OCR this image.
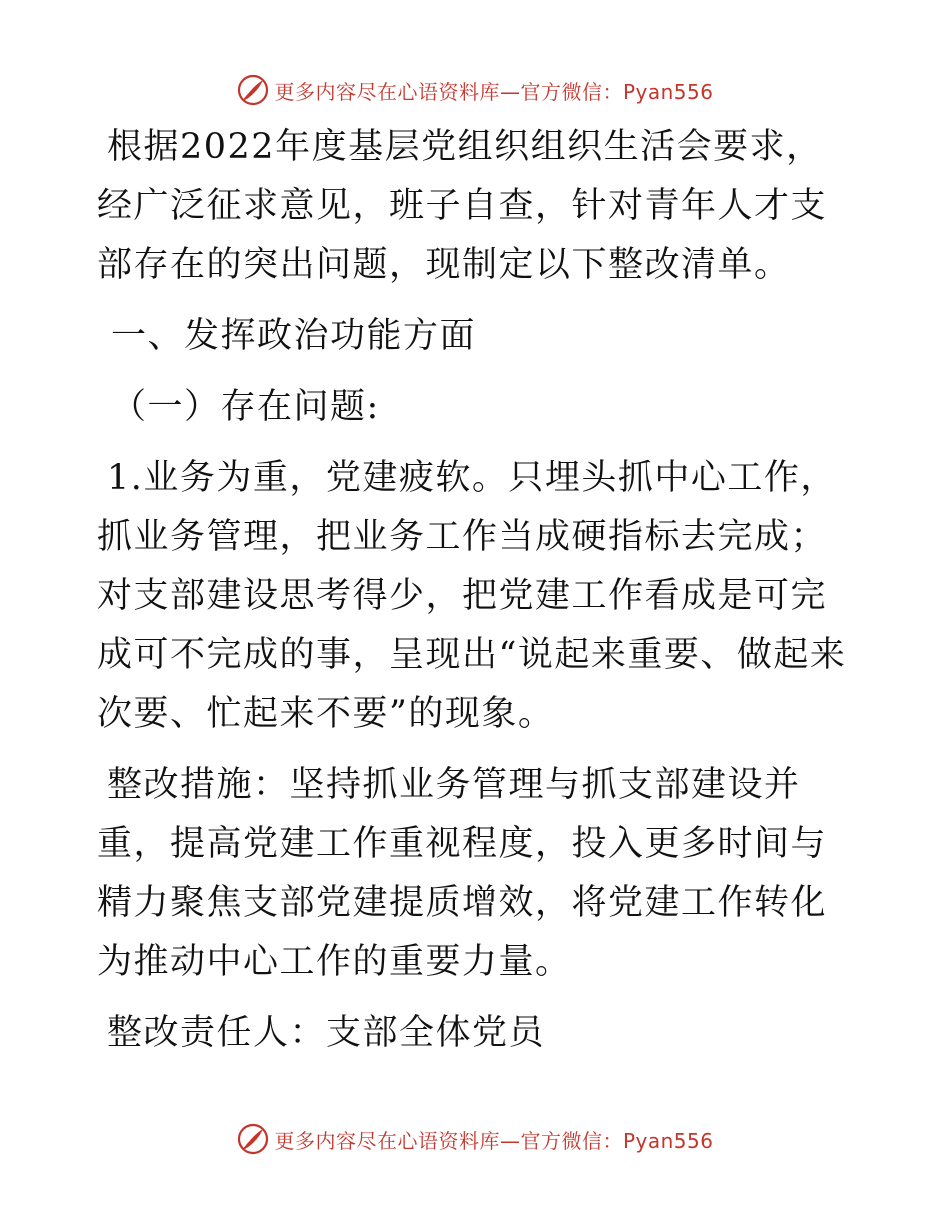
更多内容尽在心语资料库—官方微信：Pyan556

根据2022年度基层党组织组织生活会要求，经广泛征求意见，班子自查，针对青年人才支部存在的突出问题，现制定以下整改清单。

一、发挥政治功能方面

（一）存在问题:

1.业务为重，党建疲软。只埋头抓中心工作，抓业务管理，把业务工作当成硬指标去完成；对支部建设思考得少，把党建工作看成是可完成可不完成的事，呈现出“说起来重要、做起来次要、忙起来不要”的现象。

整改措施：坚持抓业务管理与抓支部建设并重，提高党建工作重视程度，投入更多时间与精力聚焦支部党建提质增效，将党建工作转化为推动中心工作的重要力量。

整改责任人：支部全体党员

更多内容尽在心语资料库—官方微信：Pyan556
